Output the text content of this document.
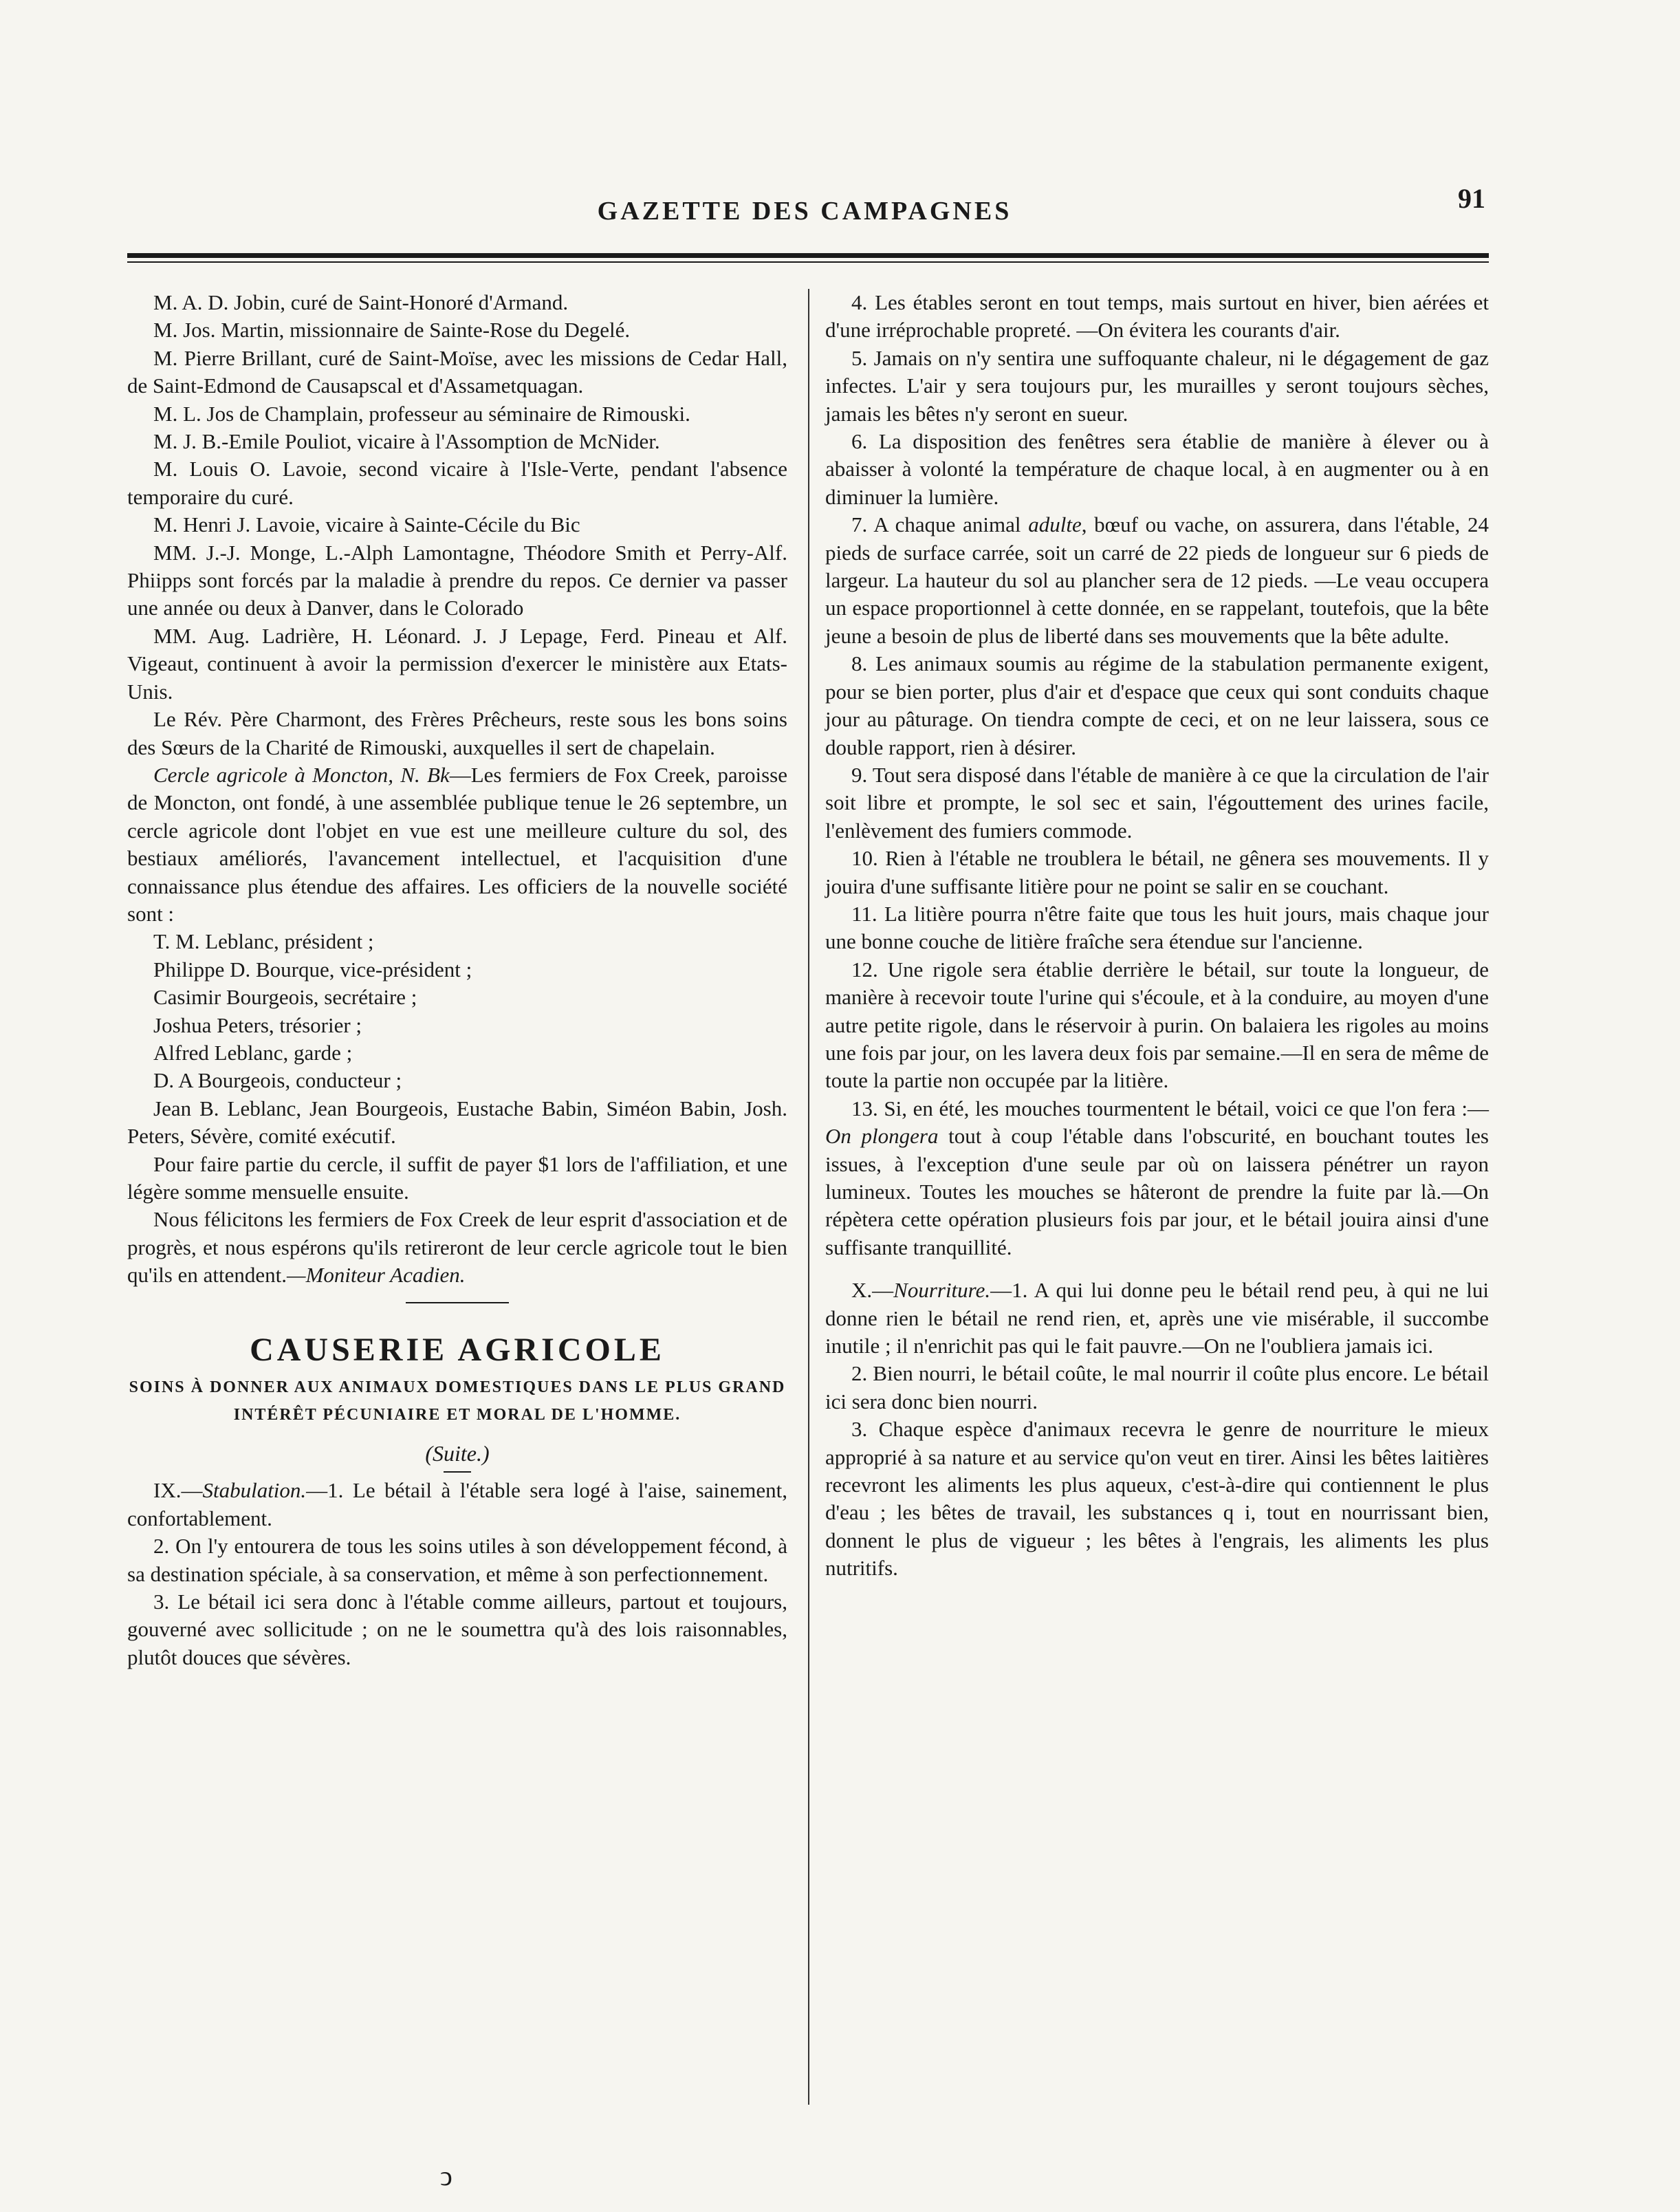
GAZETTE DES CAMPAGNES	91

M. A. D. Jobin, curé de Saint-Honoré d'Armand.

M. Jos. Martin, missionnaire de Sainte-Rose du Degelé.

M. Pierre Brillant, curé de Saint-Moïse, avec les missions de Cedar Hall, de Saint-Edmond de Causapscal et d'Assametquagan.

M. L. Jos de Champlain, professeur au séminaire de Rimouski.

M. J. B.-Emile Pouliot, vicaire à l'Assomption de McNider.

M. Louis O. Lavoie, second vicaire à l'Isle-Verte, pendant l'absence temporaire du curé.

M. Henri J. Lavoie, vicaire à Sainte-Cécile du Bic

MM. J.-J. Monge, L.-Alph Lamontagne, Théodore Smith et Perry-Alf. Phiipps sont forcés par la maladie à prendre du repos. Ce dernier va passer une année ou deux à Danver, dans le Colorado

MM. Aug. Ladrière, H. Léonard. J. J Lepage, Ferd. Pineau et Alf. Vigeaut, continuent à avoir la permission d'exercer le ministère aux Etats-Unis.

Le Rév. Père Charmont, des Frères Prêcheurs, reste sous les bons soins des Sœurs de la Charité de Rimouski, auxquelles il sert de chapelain.

Cercle agricole à Moncton, N. Bk—Les fermiers de Fox Creek, paroisse de Moncton, ont fondé, à une assemblée publique tenue le 26 septembre, un cercle agricole dont l'objet en vue est une meilleure culture du sol, des bestiaux améliorés, l'avancement intellectuel, et l'acquisition d'une connaissance plus étendue des affaires. Les officiers de la nouvelle société sont :

T. M. Leblanc, président ;

Philippe D. Bourque, vice-président ;

Casimir Bourgeois, secrétaire ;

Joshua Peters, trésorier ;

Alfred Leblanc, garde ;

D. A Bourgeois, conducteur ;

Jean B. Leblanc, Jean Bourgeois, Eustache Babin, Siméon Babin, Josh. Peters, Sévère, comité exécutif.

Pour faire partie du cercle, il suffit de payer $1 lors de l'affiliation, et une légère somme mensuelle ensuite.

Nous félicitons les fermiers de Fox Creek de leur esprit d'association et de progrès, et nous espérons qu'ils retireront de leur cercle agricole tout le bien qu'ils en attendent.—Moniteur Acadien.

CAUSERIE AGRICOLE
SOINS À DONNER AUX ANIMAUX DOMESTIQUES DANS LE PLUS GRAND INTÉRÊT PÉCUNIAIRE ET MORAL DE L'HOMME.
(Suite.)

IX.—Stabulation.—1. Le bétail à l'étable sera logé à l'aise, sainement, confortablement.

2. On l'y entourera de tous les soins utiles à son développement fécond, à sa destination spéciale, à sa conservation, et même à son perfectionnement.

3. Le bétail ici sera donc à l'étable comme ailleurs, partout et toujours, gouverné avec sollicitude ; on ne le soumettra qu'à des lois raisonnables, plutôt douces que sévères.

4. Les étables seront en tout temps, mais surtout en hiver, bien aérées et d'une irréprochable propreté. —On évitera les courants d'air.

5. Jamais on n'y sentira une suffoquante chaleur, ni le dégagement de gaz infectes. L'air y sera toujours pur, les murailles y seront toujours sèches, jamais les bêtes n'y seront en sueur.

6. La disposition des fenêtres sera établie de manière à élever ou à abaisser à volonté la température de chaque local, à en augmenter ou à en diminuer la lumière.

7. A chaque animal adulte, bœuf ou vache, on assurera, dans l'étable, 24 pieds de surface carrée, soit un carré de 22 pieds de longueur sur 6 pieds de largeur. La hauteur du sol au plancher sera de 12 pieds. —Le veau occupera un espace proportionnel à cette donnée, en se rappelant, toutefois, que la bête jeune a besoin de plus de liberté dans ses mouvements que la bête adulte.

8. Les animaux soumis au régime de la stabulation permanente exigent, pour se bien porter, plus d'air et d'espace que ceux qui sont conduits chaque jour au pâturage. On tiendra compte de ceci, et on ne leur laissera, sous ce double rapport, rien à désirer.

9. Tout sera disposé dans l'étable de manière à ce que la circulation de l'air soit libre et prompte, le sol sec et sain, l'égouttement des urines facile, l'enlèvement des fumiers commode.

10. Rien à l'étable ne troublera le bétail, ne gênera ses mouvements. Il y jouira d'une suffisante litière pour ne point se salir en se couchant.

11. La litière pourra n'être faite que tous les huit jours, mais chaque jour une bonne couche de litière fraîche sera étendue sur l'ancienne.

12. Une rigole sera établie derrière le bétail, sur toute la longueur, de manière à recevoir toute l'urine qui s'écoule, et à la conduire, au moyen d'une autre petite rigole, dans le réservoir à purin. On balaiera les rigoles au moins une fois par jour, on les lavera deux fois par semaine.—Il en sera de même de toute la partie non occupée par la litière.

13. Si, en été, les mouches tourmentent le bétail, voici ce que l'on fera :—On plongera tout à coup l'étable dans l'obscurité, en bouchant toutes les issues, à l'exception d'une seule par où on laissera pénétrer un rayon lumineux. Toutes les mouches se hâteront de prendre la fuite par là.—On répètera cette opération plusieurs fois par jour, et le bétail jouira ainsi d'une suffisante tranquillité.

X.—Nourriture.—1. A qui lui donne peu le bétail rend peu, à qui ne lui donne rien le bétail ne rend rien, et, après une vie misérable, il succombe inutile ; il n'enrichit pas qui le fait pauvre.—On ne l'oubliera jamais ici.

2. Bien nourri, le bétail coûte, le mal nourrir il coûte plus encore. Le bétail ici sera donc bien nourri.

3. Chaque espèce d'animaux recevra le genre de nourriture le mieux approprié à sa nature et au service qu'on veut en tirer. Ainsi les bêtes laitières recevront les aliments les plus aqueux, c'est-à-dire qui contiennent le plus d'eau ; les bêtes de travail, les substances q i, tout en nourrissant bien, donnent le plus de vigueur ; les bêtes à l'engrais, les aliments les plus nutritifs.

ↄ
